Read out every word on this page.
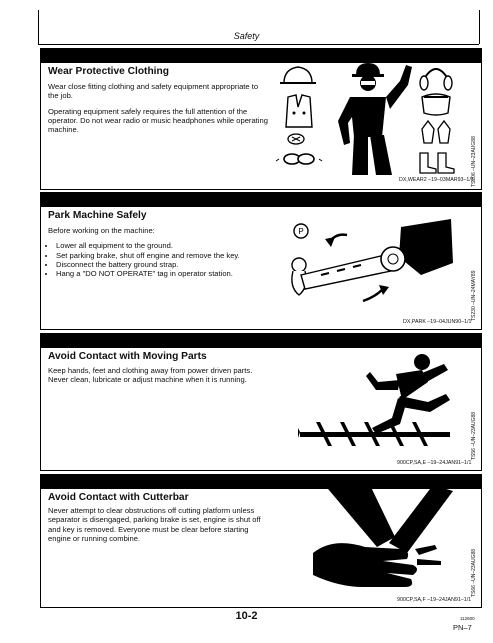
Safety
Wear Protective Clothing

Wear close fitting clothing and safety equipment appropriate to the job.

Operating equipment safely requires the full attention of the operator. Do not wear radio or music headphones while operating machine.

TS206 –UN–23AUG88
DX,WEAR2 –19–03MAR93–1/1
Park Machine Safely

Before working on the machine:

• Lower all equipment to the ground.
• Set parking brake, shut off engine and remove the key.
• Disconnect the battery ground strap.
• Hang a "DO NOT OPERATE" tag in operator station.
P
TS230 –UN–24MAY89
DX,PARK –19–04JUN90–1/1
Avoid Contact with Moving Parts

Keep hands, feet and clothing away from power driven parts. Never clean, lubricate or adjust machine when it is running.

TS56 –UN–23AUG88
900CP,SA,E –19–24JAN91–1/1
Avoid Contact with Cutterbar

Never attempt to clear obstructions off cutting platform unless separator is disengaged, parking brake is set, engine is shut off and key is removed. Everyone must be clear before starting engine or running combine.

TS66 –UN–23AUG88
900CP,SA,F –19–24JAN91–1/1
10-2	112600
PN–7
